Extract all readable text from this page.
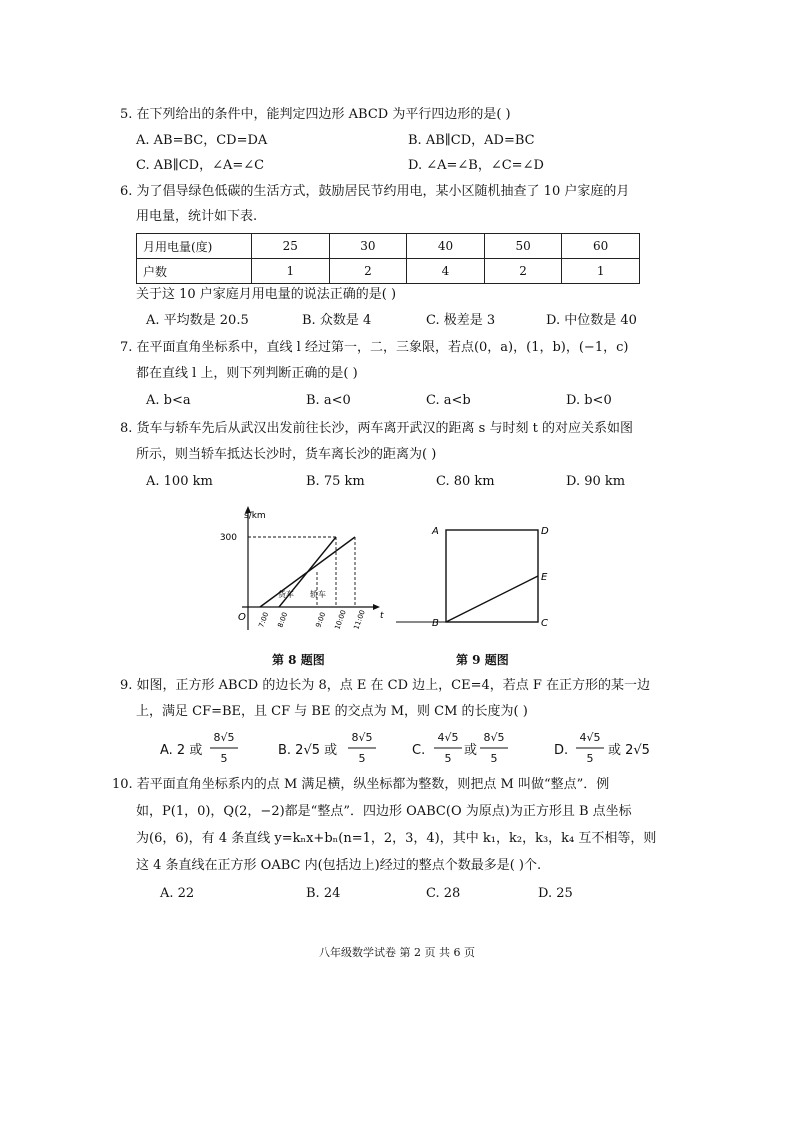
5. 在下列给出的条件中，能判定四边形 ABCD 为平行四边形的是( )
A. AB=BC，CD=DA	B. AB∥CD，AD=BC
C. AB∥CD，∠A=∠C	D. ∠A=∠B，∠C=∠D
6. 为了倡导绿色低碳的生活方式，鼓励居民节约用电，某小区随机抽查了 10 户家庭的月
用电量，统计如下表.
月用电量(度)	25	30	40	50	60
户数	1	2	4	2	1
关于这 10 户家庭月用电量的说法正确的是( )
A. 平均数是 20.5	B. 众数是 4	C. 极差是 3	D. 中位数是 40
7. 在平面直角坐标系中，直线 l 经过第一，二，三象限，若点(0，a)，(1，b)，(−1，c)
都在直线 l 上，则下列判断正确的是( )
A. b<a	B. a<0	C. a<b	D. b<0
8. 货车与轿车先后从武汉出发前往长沙，两车离开武汉的距离 s 与时刻 t 的对应关系如图
所示，则当轿车抵达长沙时，货车离长沙的距离为( )
A. 100 km	B. 75 km	C. 80 km	D. 90 km
s/km
300
O	t
货车 轿车
7:00 8:00	9:00 10:00 11:00
A	D
E
B	C
第 8 题图	第 9 题图
9. 如图，正方形 ABCD 的边长为 8，点 E 在 CD 边上，CE=4，若点 F 在正方形的某一边
上，满足 CF=BE，且 CF 与 BE 的交点为 M，则 CM 的长度为( )
A. 2 或
8√5
5
B. 2√5 或
8√5
5
C.
4√5
5
或
8√5
5
D.
4√5
5
或 2√5
10. 若平面直角坐标系内的点 M 满足横，纵坐标都为整数，则把点 M 叫做“整点”．例
如，P(1，0)，Q(2，−2)都是“整点”．四边形 OABC(O 为原点)为正方形且 B 点坐标
为(6，6)，有 4 条直线 y=kₙx+bₙ(n=1，2，3，4)，其中 k₁，k₂，k₃，k₄ 互不相等，则
这 4 条直线在正方形 OABC 内(包括边上)经过的整点个数最多是( )个.
A. 22	B. 24	C. 28	D. 25
八年级数学试卷 第 2 页 共 6 页
